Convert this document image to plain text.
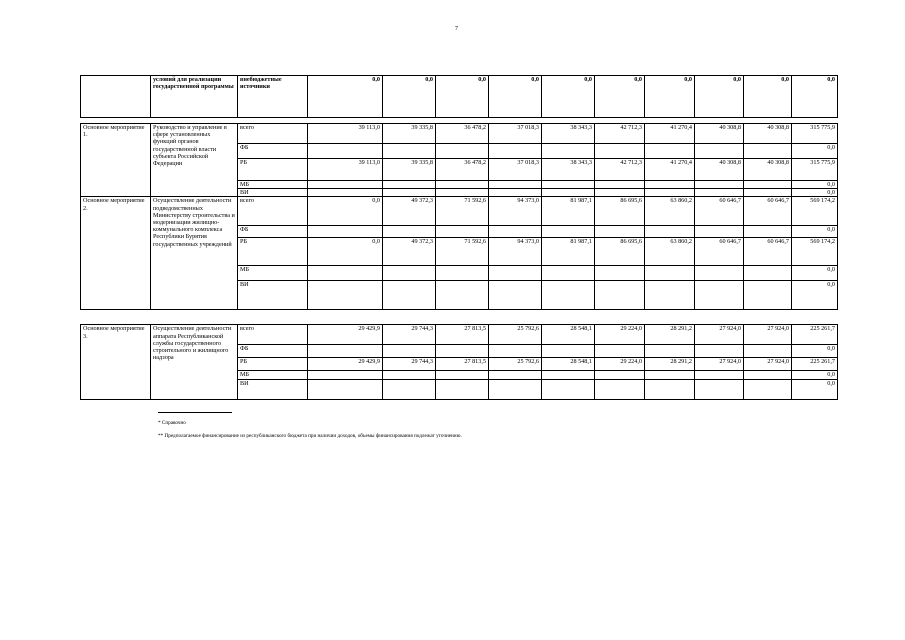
7
	условий для реализации государственной программы	внебюджетные источники	0,0	0,0	0,0	0,0	0,0	0,0	0,0	0,0	0,0	0,0

Основное мероприятие 1.	Руководство и управление в сфере установленных функций органов государственной власти субъекта Российской Федерации	всего	39 113,0	39 335,8	36 478,2	37 018,3	38 343,3	42 712,3	41 270,4	40 308,8	40 308,8	315 775,9
		ФБ										0,0
		РБ	39 113,0	39 335,8	36 478,2	37 018,3	38 343,3	42 712,3	41 270,4	40 308,8	40 308,8	315 775,9
		МБ										0,0
		ВИ										0,0
Основное мероприятие 2.	Осуществление деятельности подведомственных Министерству строительства и модернизации жилищно-коммунального комплекса Республики Бурятия государственных учреждений	всего	0,0	49 372,3	71 592,6	94 373,0	81 987,1	86 695,6	63 860,2	60 646,7	60 646,7	569 174,2
		ФБ										0,0
		РБ	0,0	49 372,3	71 592,6	94 373,0	81 987,1	86 695,6	63 860,2	60 646,7	60 646,7	569 174,2
		МБ										0,0
		ВИ										0,0

Основное мероприятие 3.	Осуществление деятельности аппарата Республиканской службы государственного строительного и жилищного надзора	всего	29 429,9	29 744,3	27 813,5	25 792,6	28 548,1	29 224,0	28 291,2	27 924,0	27 924,0	225 261,7
		ФБ										0,0
		РБ	29 429,9	29 744,3	27 813,5	25 792,6	28 548,1	29 224,0	28 291,2	27 924,0	27 924,0	225 261,7
		МБ										0,0
		ВИ										0,0
* Справочно
** Предполагаемое финансирование из республиканского бюджета при наличии доходов, объемы финансирования подлежат уточнению.
